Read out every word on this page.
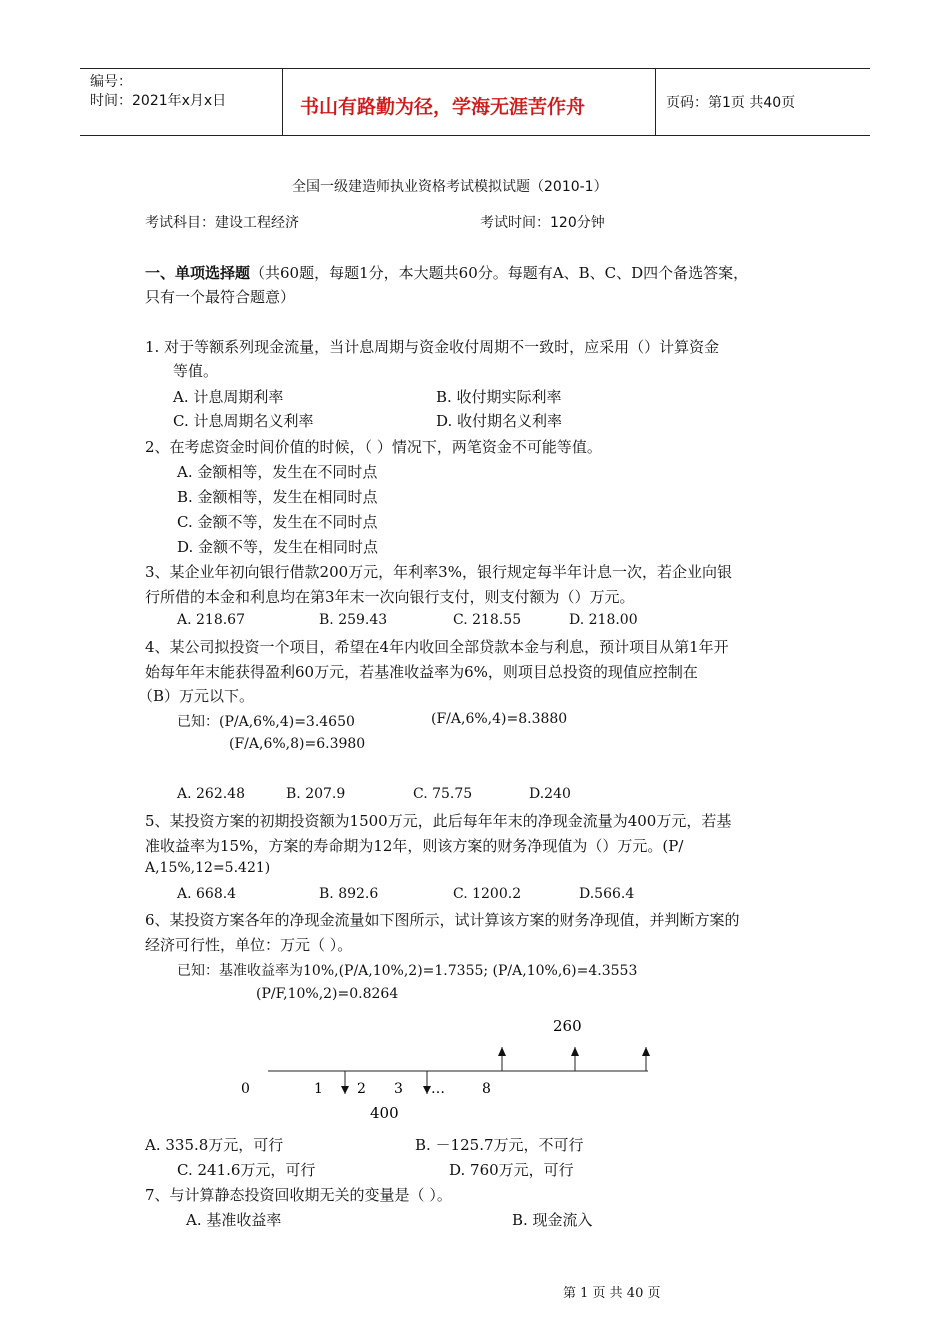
编号：
时间：2021年x月x日	书山有路勤为径，学海无涯苦作舟	页码：第1页 共40页
全国一级建造师执业资格考试模拟试题（2010-1）
考试科目：建设工程经济	考试时间：120分钟
一、单项选择题（共60题，每题1分，本大题共60分。每题有A、B、C、D四个备选答案，
只有一个最符合题意）
1. 对于等额系列现金流量，当计息周期与资金收付周期不一致时，应采用（）计算资金
等值。
A. 计息周期利率	B. 收付期实际利率
C. 计息周期名义利率	D. 收付期名义利率
2、在考虑资金时间价值的时候，（ ）情况下，两笔资金不可能等值。
A. 金额相等，发生在不同时点
B. 金额相等，发生在相同时点
C. 金额不等，发生在不同时点
D. 金额不等，发生在相同时点
3、某企业年初向银行借款200万元，年利率3%，银行规定每半年计息一次，若企业向银
行所借的本金和利息均在第3年末一次向银行支付，则支付额为（）万元。
A. 218.67	B. 259.43	C. 218.55	D. 218.00
4、某公司拟投资一个项目，希望在4年内收回全部贷款本金与利息，预计项目从第1年开
始每年年末能获得盈利60万元，若基准收益率为6%，则项目总投资的现值应控制在
（B）万元以下。
已知：(P/A,6%,4)=3.4650	(F/A,6%,4)=8.3880
(F/A,6%,8)=6.3980
A. 262.48	B. 207.9	C. 75.75	D.240
5、某投资方案的初期投资额为1500万元，此后每年年末的净现金流量为400万元，若基
准收益率为15%，方案的寿命期为12年，则该方案的财务净现值为（）万元。(P/
A,15%,12=5.421)
A. 668.4	B. 892.6	C. 1200.2	D.566.4
6、某投资方案各年的净现金流量如下图所示，试计算该方案的财务净现值，并判断方案的
经济可行性，单位：万元（ ）。
已知：基准收益率为10%,(P/A,10%,2)=1.7355; (P/A,10%,6)=4.3553
(P/F,10%,2)=0.8264
260
400
0	1 2 3 …	8
A. 335.8万元，可行	B. －125.7万元，不可行
C. 241.6万元，可行	D. 760万元，可行
7、与计算静态投资回收期无关的变量是（ ）。
A. 基准收益率	B. 现金流入
第 1 页 共 40 页
